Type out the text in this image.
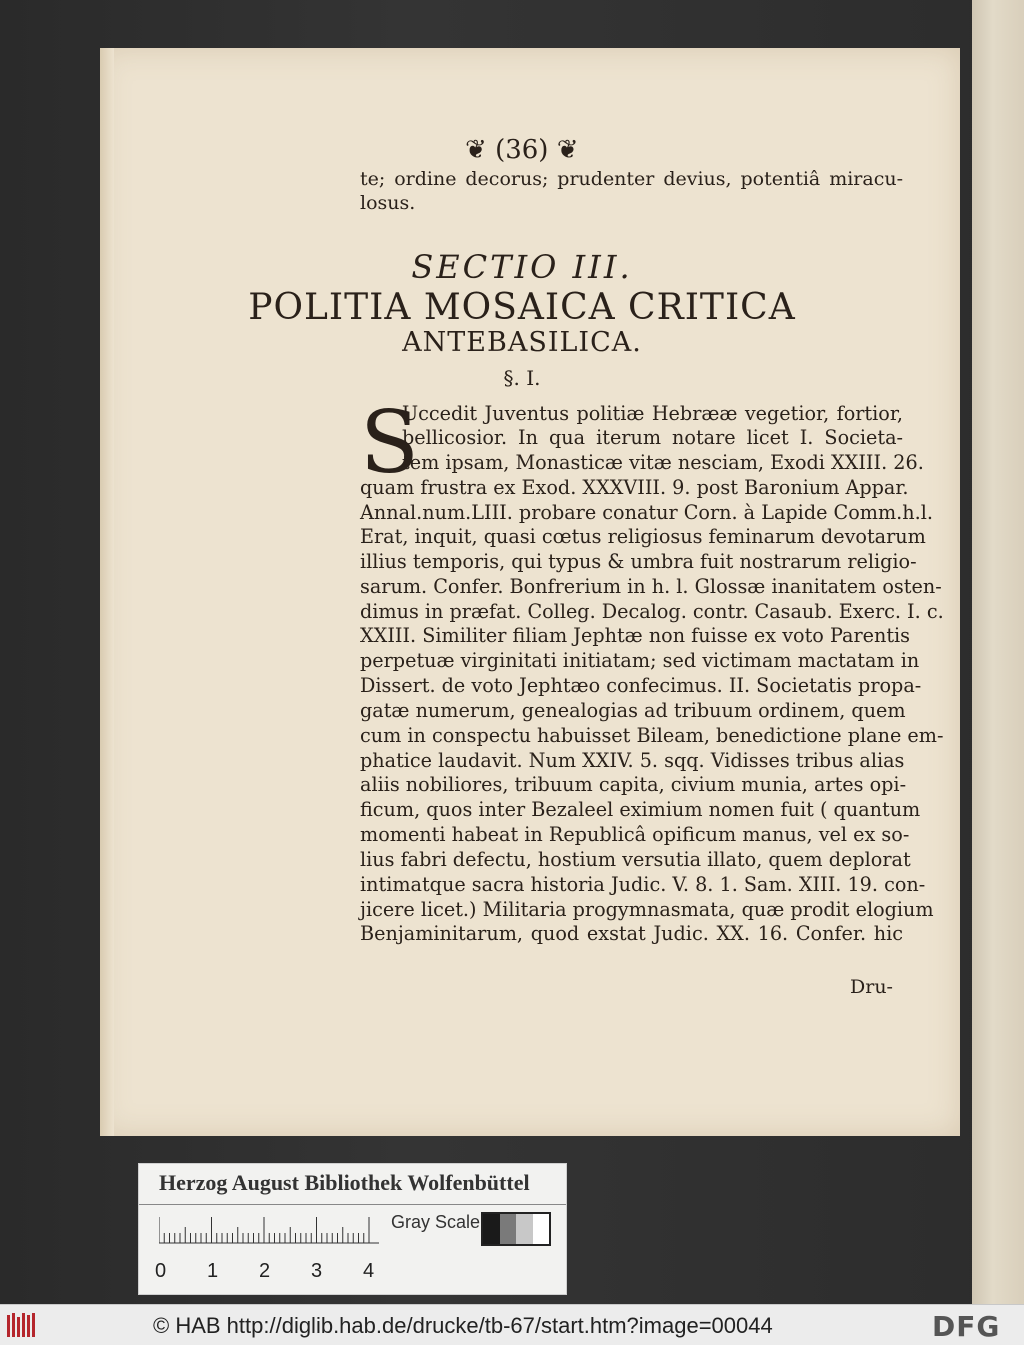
❦ (36) ❦
te; ordine decorus; prudenter devius, potentiâ miracu-
losus.
SECTIO III.
POLITIA MOSAICA CRITICA
ANTEBASILICA.
§. I.
S
Uccedit Juventus politiæ Hebrææ vegetior, fortior,
bellicosior. In qua iterum notare licet I. Societa-
tem ipsam, Monasticæ vitæ nesciam, Exodi XXIII. 26.
quam frustra ex Exod. XXXVIII. 9. post Baronium Appar.
Annal.num.LIII. probare conatur Corn. à Lapide Comm.h.l.
Erat, inquit, quasi cœtus religiosus feminarum devotarum
illius temporis, qui typus & umbra fuit nostrarum religio-
sarum. Confer. Bonfrerium in h. l. Glossæ inanitatem osten-
dimus in præfat. Colleg. Decalog. contr. Casaub. Exerc. I. c.
XXIII. Similiter filiam Jephtæ non fuisse ex voto Parentis
perpetuæ virginitati initiatam; sed victimam mactatam in
Dissert. de voto Jephtæo confecimus. II. Societatis propa-
gatæ numerum, genealogias ad tribuum ordinem, quem
cum in conspectu habuisset Bileam, benedictione plane em-
phatice laudavit. Num XXIV. 5. sqq. Vidisses tribus alias
aliis nobiliores, tribuum capita, civium munia, artes opi-
ficum, quos inter Bezaleel eximium nomen fuit ( quantum
momenti habeat in Republicâ opificum manus, vel ex so-
lius fabri defectu, hostium versutia illato, quem deplorat
intimatque sacra historia Judic. V. 8. 1. Sam. XIII. 19. con-
jicere licet.) Militaria progymnasmata, quæ prodit elogium
Benjaminitarum, quod exstat Judic. XX. 16. Confer. hic
Dru-
Herzog August Bibliothek Wolfenbüttel
0 1 2 3 4
Gray Scale
© HAB http://diglib.hab.de/drucke/tb-67/start.htm?image=00044	DFG
